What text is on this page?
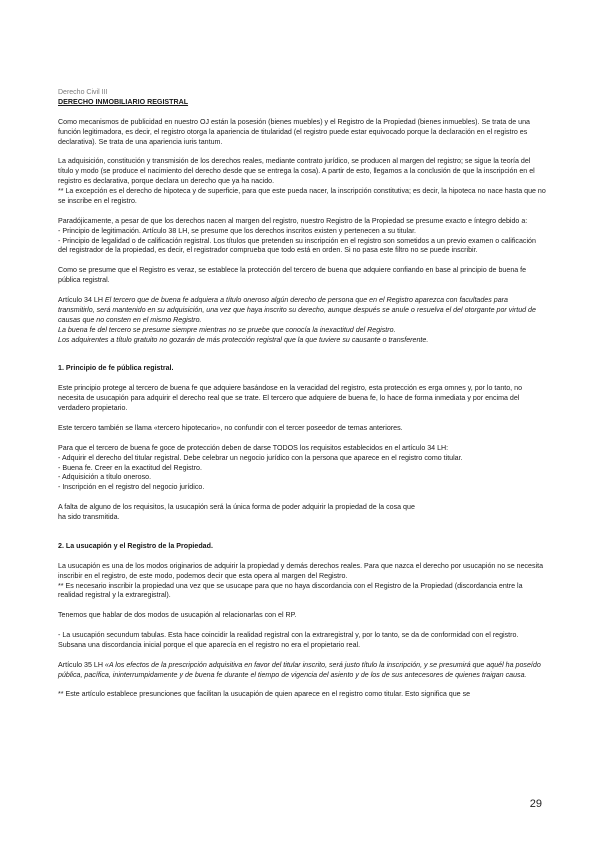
Derecho Civil III
DERECHO INMOBILIARIO REGISTRAL

Como mecanismos de publicidad en nuestro OJ están la posesión (bienes muebles) y el Registro de la Propiedad (bienes inmuebles). Se trata de una función legitimadora, es decir, el registro otorga la apariencia de titularidad (el registro puede estar equivocado porque la declaración en el registro es declarativa). Se trata de una apariencia iuris tantum.

La adquisición, constitución y transmisión de los derechos reales, mediante contrato jurídico, se producen al margen del registro; se sigue la teoría del título y modo (se produce el nacimiento del derecho desde que se entrega la cosa). A partir de esto, llegamos a la conclusión de que la inscripción en el registro es declarativa, porque declara un derecho que ya ha nacido.

** La excepción es el derecho de hipoteca y de superficie, para que este pueda nacer, la inscripción constitutiva; es decir, la hipoteca no nace hasta que no se inscribe en el registro.

Paradójicamente, a pesar de que los derechos nacen al margen del registro, nuestro Registro de la Propiedad se presume exacto e íntegro debido a:

- Principio de legitimación. Artículo 38 LH, se presume que los derechos inscritos existen y pertenecen a su titular.

- Principio de legalidad o de calificación registral. Los títulos que pretenden su inscripción en el registro son sometidos a un previo examen o calificación del registrador de la propiedad, es decir, el registrador comprueba que todo está en orden. Si no pasa este filtro no se puede inscribir.

Como se presume que el Registro es veraz, se establece la protección del tercero de buena que adquiere confiando en base al principio de buena fe pública registral.

Artículo 34 LH El tercero que de buena fe adquiera a título oneroso algún derecho de persona que en el Registro aparezca con facultades para transmitirlo, será mantenido en su adquisición, una vez que haya inscrito su derecho, aunque después se anule o resuelva el del otorgante por virtud de causas que no consten en el mismo Registro.

La buena fe del tercero se presume siempre mientras no se pruebe que conocía la inexactitud del Registro.

Los adquirentes a título gratuito no gozarán de más protección registral que la que tuviere su causante o transferente.

1. Principio de fe pública registral.

Este principio protege al tercero de buena fe que adquiere basándose en la veracidad del registro, esta protección es erga omnes y, por lo tanto, no necesita de usucapión para adquirir el derecho real que se trate. El tercero que adquiere de buena fe, lo hace de forma inmediata y por encima del verdadero propietario.

Este tercero también se llama «tercero hipotecario», no confundir con el tercer poseedor de temas anteriores.

Para que el tercero de buena fe goce de protección deben de darse TODOS los requisitos establecidos en el artículo 34 LH:

- Adquirir el derecho del titular registral. Debe celebrar un negocio jurídico con la persona que aparece en el registro como titular.

- Buena fe. Creer en la exactitud del Registro.

- Adquisición a título oneroso.

- Inscripción en el registro del negocio jurídico.

A falta de alguno de los requisitos, la usucapión será la única forma de poder adquirir la propiedad de la cosa que ha sido transmitida.

2. La usucapión y el Registro de la Propiedad.

La usucapión es una de los modos originarios de adquirir la propiedad y demás derechos reales. Para que nazca el derecho por usucapión no se necesita inscribir en el registro, de este modo, podemos decir que esta opera al margen del Registro.

** Es necesario inscribir la propiedad una vez que se usucape para que no haya discordancia con el Registro de la Propiedad (discordancia entre la realidad registral y la extraregistral).

Tenemos que hablar de dos modos de usucapión al relacionarlas con el RP.

- La usucapión secundum tabulas. Esta hace coincidir la realidad registral con la extraregistral y, por lo tanto, se da de conformidad con el registro. Subsana una discordancia inicial porque el que aparecía en el registro no era el propietario real.

Artículo 35 LH «A los efectos de la prescripción adquisitiva en favor del titular inscrito, será justo título la inscripción, y se presumirá que aquél ha poseído pública, pacífica, ininterrumpidamente y de buena fe durante el tiempo de vigencia del asiento y de los de sus antecesores de quienes traigan causa.

** Este artículo establece presunciones que facilitan la usucapión de quien aparece en el registro como titular. Esto significa que se

29
